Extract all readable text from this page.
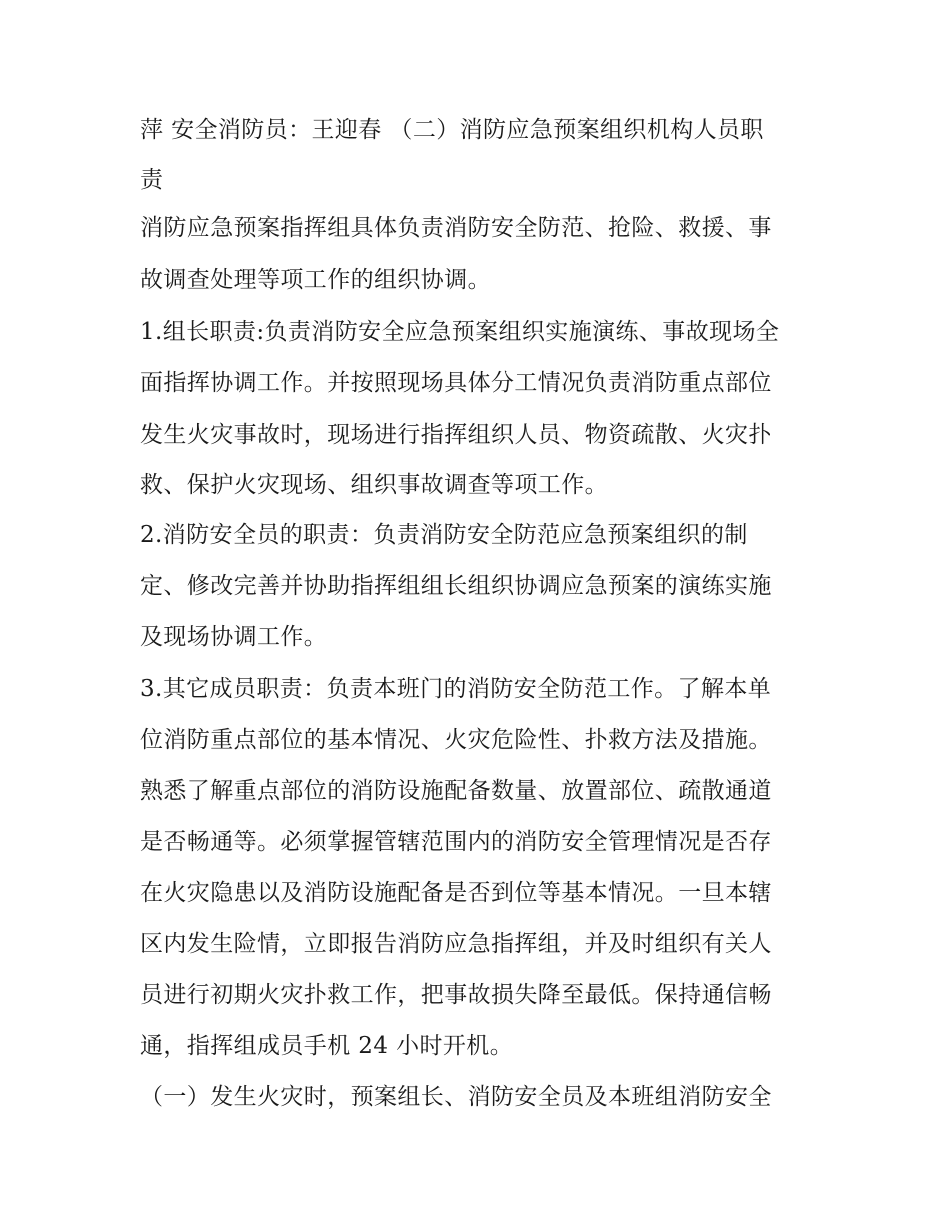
萍 安全消防员：王迎春 （二）消防应急预案组织机构人员职
责
消防应急预案指挥组具体负责消防安全防范、抢险、救援、事
故调查处理等项工作的组织协调。
1.组长职责:负责消防安全应急预案组织实施演练、事故现场全
面指挥协调工作。并按照现场具体分工情况负责消防重点部位
发生火灾事故时，现场进行指挥组织人员、物资疏散、火灾扑
救、保护火灾现场、组织事故调查等项工作。
2.消防安全员的职责：负责消防安全防范应急预案组织的制
定、修改完善并协助指挥组组长组织协调应急预案的演练实施
及现场协调工作。
3.其它成员职责：负责本班门的消防安全防范工作。了解本单
位消防重点部位的基本情况、火灾危险性、扑救方法及措施。
熟悉了解重点部位的消防设施配备数量、放置部位、疏散通道
是否畅通等。必须掌握管辖范围内的消防安全管理情况是否存
在火灾隐患以及消防设施配备是否到位等基本情况。一旦本辖
区内发生险情，立即报告消防应急指挥组，并及时组织有关人
员进行初期火灾扑救工作，把事故损失降至最低。保持通信畅
通，指挥组成员手机 24 小时开机。
（一）发生火灾时，预案组长、消防安全员及本班组消防安全
